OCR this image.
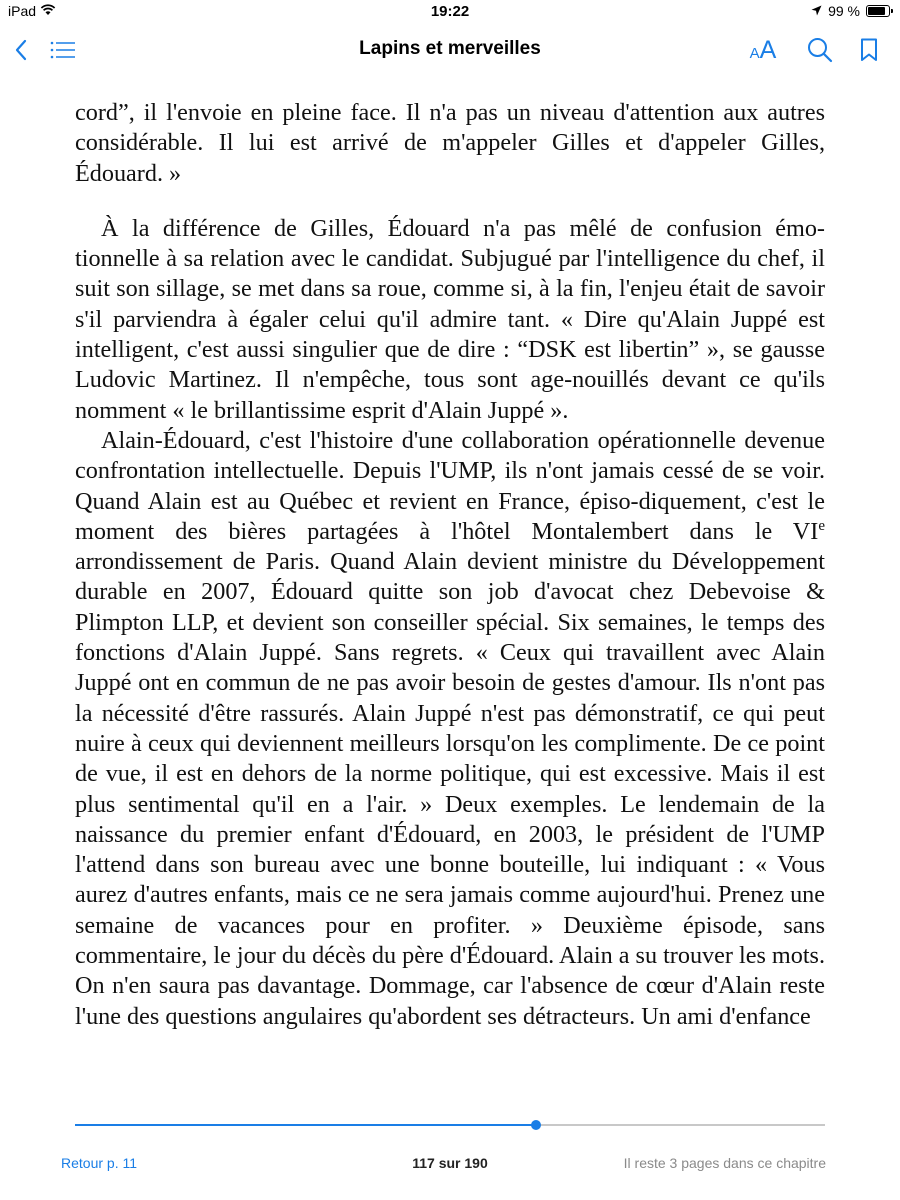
iPad	19:22	99 %
Lapins et merveilles	AA

cord”, il l'envoie en pleine face. Il n'a pas un niveau d'attention aux autres considérable. Il lui est arrivé de m'appeler Gilles et d'appeler Gilles, Édouard. »

À la différence de Gilles, Édouard n'a pas mêlé de confusion émo-tionnelle à sa relation avec le candidat. Subjugué par l'intelligence du chef, il suit son sillage, se met dans sa roue, comme si, à la fin, l'enjeu était de savoir s'il parviendra à égaler celui qu'il admire tant. « Dire qu'Alain Juppé est intelligent, c'est aussi singulier que de dire : “DSK est libertin” », se gausse Ludovic Martinez. Il n'empêche, tous sont age-nouillés devant ce qu'ils nomment « le brillantissime esprit d'Alain Juppé ».

Alain-Édouard, c'est l'histoire d'une collaboration opérationnelle devenue confrontation intellectuelle. Depuis l'UMP, ils n'ont jamais cessé de se voir. Quand Alain est au Québec et revient en France, épiso-diquement, c'est le moment des bières partagées à l'hôtel Montalembert dans le VIe arrondissement de Paris. Quand Alain devient ministre du Développement durable en 2007, Édouard quitte son job d'avocat chez Debevoise & Plimpton LLP, et devient son conseiller spécial. Six semaines, le temps des fonctions d'Alain Juppé. Sans regrets. « Ceux qui travaillent avec Alain Juppé ont en commun de ne pas avoir besoin de gestes d'amour. Ils n'ont pas la nécessité d'être rassurés. Alain Juppé n'est pas démonstratif, ce qui peut nuire à ceux qui deviennent meilleurs lorsqu'on les complimente. De ce point de vue, il est en dehors de la norme politique, qui est excessive. Mais il est plus sentimental qu'il en a l'air. » Deux exemples. Le lendemain de la naissance du premier enfant d'Édouard, en 2003, le président de l'UMP l'attend dans son bureau avec une bonne bouteille, lui indiquant : « Vous aurez d'autres enfants, mais ce ne sera jamais comme aujourd'hui. Prenez une semaine de vacances pour en profiter. » Deuxième épisode, sans commentaire, le jour du décès du père d'Édouard. Alain a su trouver les mots. On n'en saura pas davantage. Dommage, car l'absence de cœur d'Alain reste l'une des questions angulaires qu'abordent ses détracteurs. Un ami d'enfance

Retour p. 11	117 sur 190	Il reste 3 pages dans ce chapitre
